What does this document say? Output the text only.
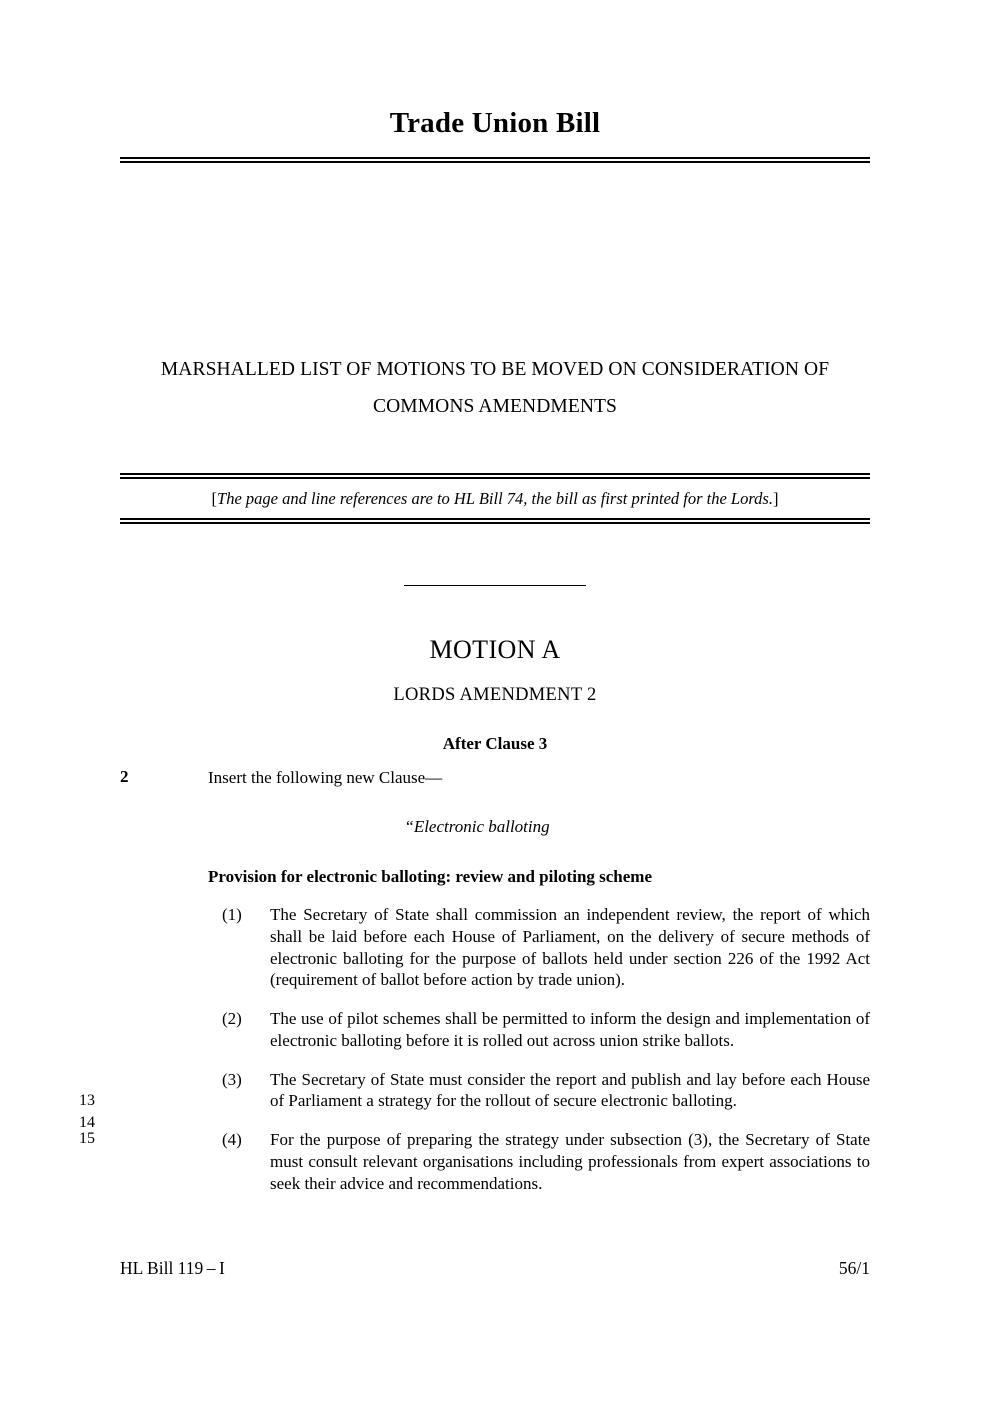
Trade Union Bill
MARSHALLED LIST OF MOTIONS TO BE MOVED ON CONSIDERATION OF
COMMONS AMENDMENTS
[The page and line references are to HL Bill 74, the bill as first printed for the Lords.]
MOTION A
LORDS AMENDMENT 2
After Clause 3
2	Insert the following new Clause—

“Electronic balloting

Provision for electronic balloting: review and piloting scheme

(1) The Secretary of State shall commission an independent review, the report of which shall be laid before each House of Parliament, on the delivery of secure methods of electronic balloting for the purpose of ballots held under section 226 of the 1992 Act (requirement of ballot before action by trade union).
(2) The use of pilot schemes shall be permitted to inform the design and implementation of electronic balloting before it is rolled out across union strike ballots.
13
14
(3) The Secretary of State must consider the report and publish and lay before each House of Parliament a strategy for the rollout of secure electronic balloting.
15	(4) For the purpose of preparing the strategy under subsection (3), the Secretary of State must consult relevant organisations including professionals from expert associations to seek their advice and recommendations.
HL Bill 119 – I	56/1
